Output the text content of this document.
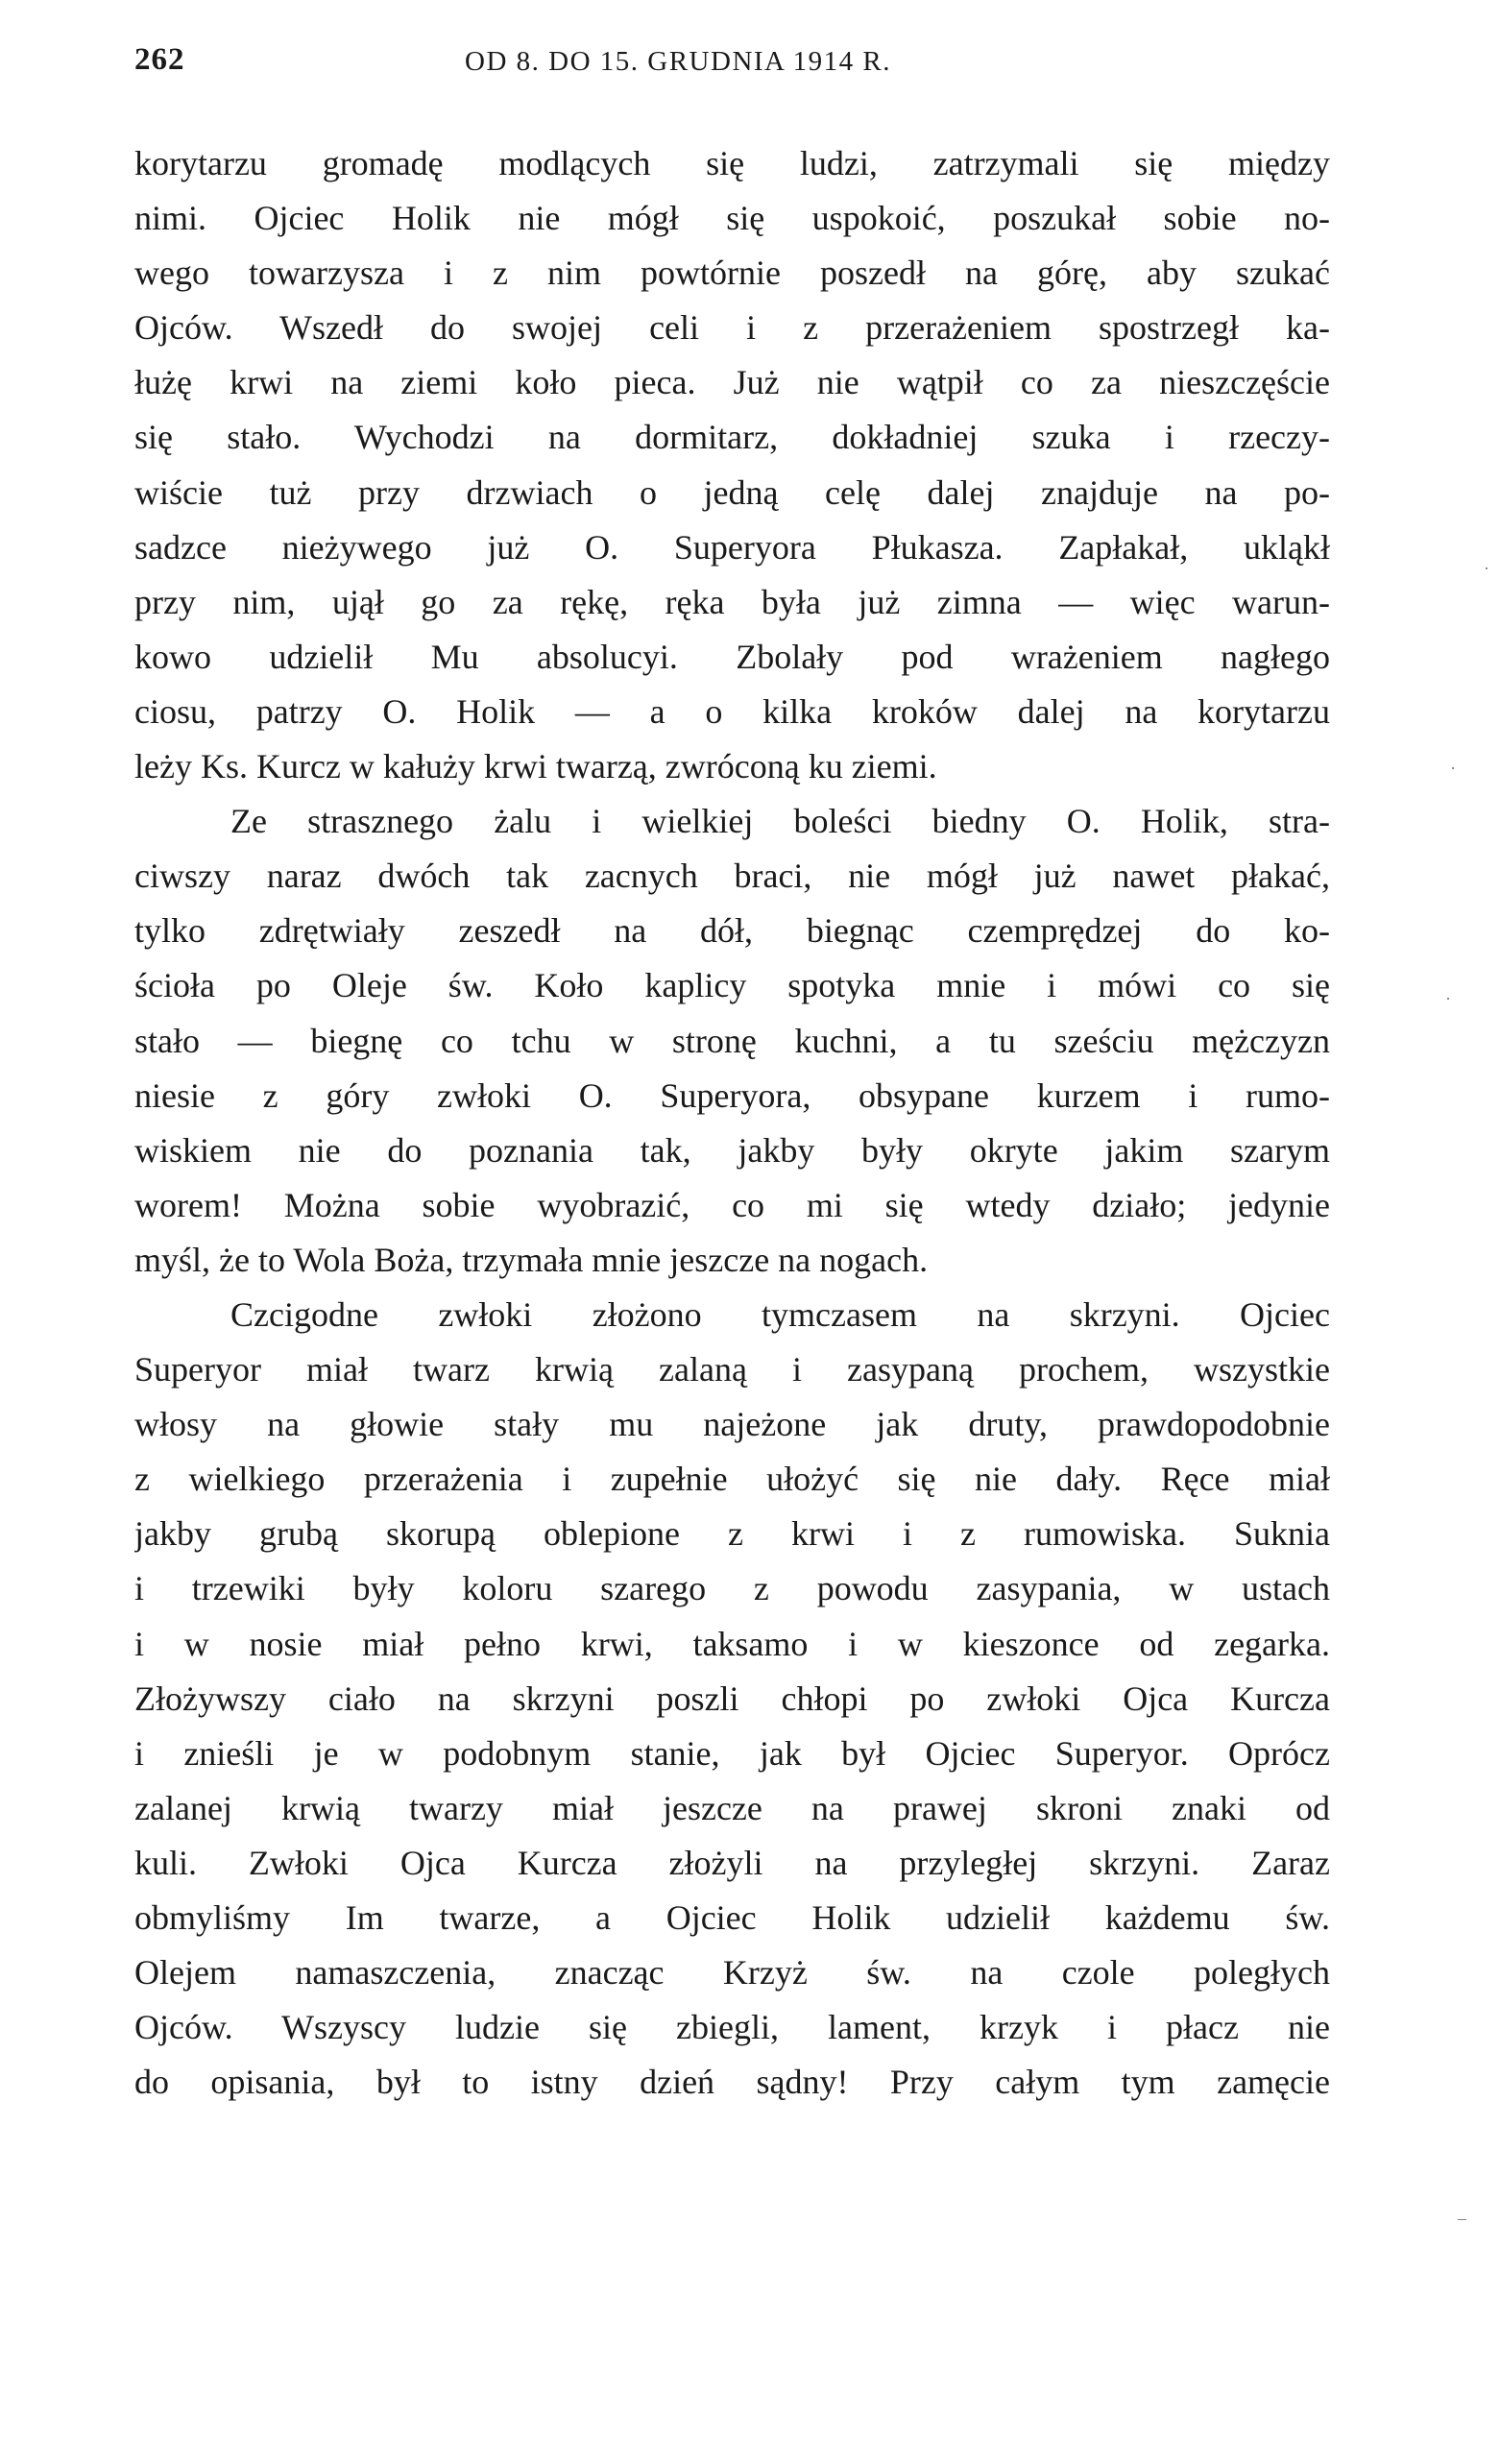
262	OD 8. DO 15. GRUDNIA 1914 R.
korytarzu gromadę modlących się ludzi, zatrzymali się między
nimi. Ojciec Holik nie mógł się uspokoić, poszukał sobie no-
wego towarzysza i z nim powtórnie poszedł na górę, aby szukać
Ojców. Wszedł do swojej celi i z przerażeniem spostrzegł ka-
łużę krwi na ziemi koło pieca. Już nie wątpił co za nieszczęście
się stało. Wychodzi na dormitarz, dokładniej szuka i rzeczy-
wiście tuż przy drzwiach o jedną celę dalej znajduje na po-
sadzce nieżywego już O. Superyora Płukasza. Zapłakał, ukląkł
przy nim, ujął go za rękę, ręka była już zimna — więc warun-
kowo udzielił Mu absolucyi. Zbolały pod wrażeniem nagłego
ciosu, patrzy O. Holik — a o kilka kroków dalej na korytarzu
leży Ks. Kurcz w kałuży krwi twarzą, zwróconą ku ziemi.
Ze strasznego żalu i wielkiej boleści biedny O. Holik, stra-
ciwszy naraz dwóch tak zacnych braci, nie mógł już nawet płakać,
tylko zdrętwiały zeszedł na dół, biegnąc czemprędzej do ko-
ścioła po Oleje św. Koło kaplicy spotyka mnie i mówi co się
stało — biegnę co tchu w stronę kuchni, a tu sześciu mężczyzn
niesie z góry zwłoki O. Superyora, obsypane kurzem i rumo-
wiskiem nie do poznania tak, jakby były okryte jakim szarym
worem! Można sobie wyobrazić, co mi się wtedy działo; jedynie
myśl, że to Wola Boża, trzymała mnie jeszcze na nogach.
Czcigodne zwłoki złożono tymczasem na skrzyni. Ojciec
Superyor miał twarz krwią zalaną i zasypaną prochem, wszystkie
włosy na głowie stały mu najeżone jak druty, prawdopodobnie
z wielkiego przerażenia i zupełnie ułożyć się nie dały. Ręce miał
jakby grubą skorupą oblepione z krwi i z rumowiska. Suknia
i trzewiki były koloru szarego z powodu zasypania, w ustach
i w nosie miał pełno krwi, taksamo i w kieszonce od zegarka.
Złożywszy ciało na skrzyni poszli chłopi po zwłoki Ojca Kurcza
i znieśli je w podobnym stanie, jak był Ojciec Superyor. Oprócz
zalanej krwią twarzy miał jeszcze na prawej skroni znaki od
kuli. Zwłoki Ojca Kurcza złożyli na przyległej skrzyni. Zaraz
obmyliśmy Im twarze, a Ojciec Holik udzielił każdemu św.
Olejem namaszczenia, znacząc Krzyż św. na czole poległych
Ojców. Wszyscy ludzie się zbiegli, lament, krzyk i płacz nie
do opisania, był to istny dzień sądny! Przy całym tym zamęcie
·
·
·
–
